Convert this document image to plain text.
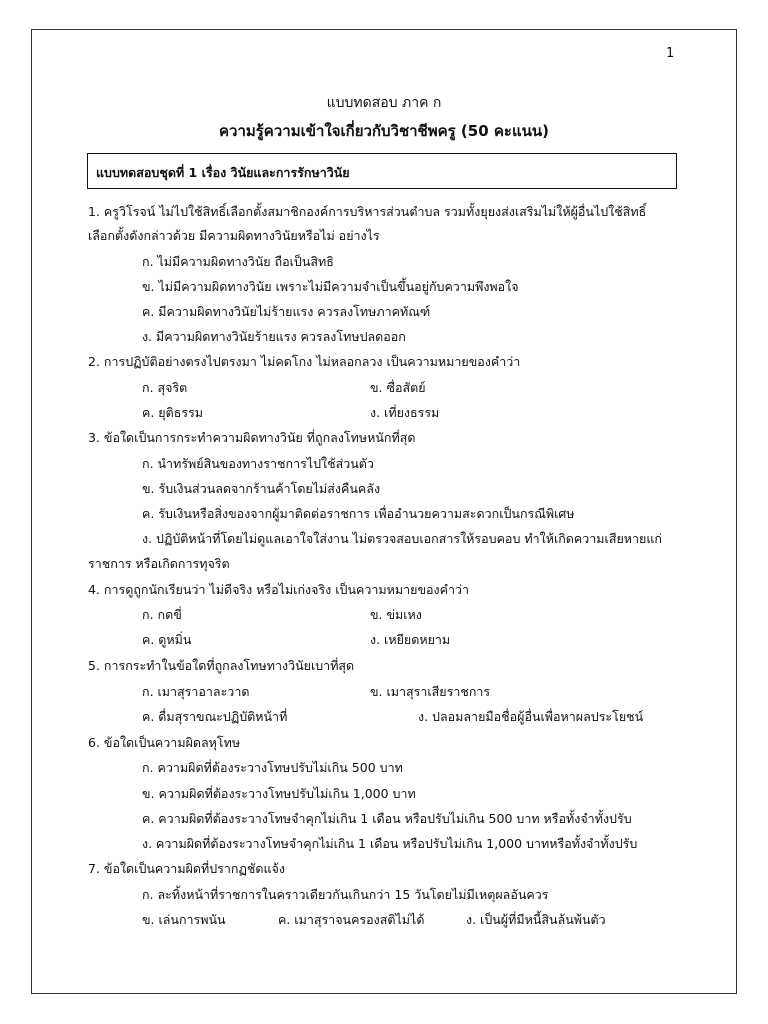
1
แบบทดสอบ ภาค ก
ความรู้ความเข้าใจเกี่ยวกับวิชาชีพครู (50 คะแนน)
แบบทดสอบชุดที่ 1 เรื่อง วินัยและการรักษาวินัย
1. ครูวิโรจน์ ไม่ไปใช้สิทธิ์เลือกตั้งสมาชิกองค์การบริหารส่วนตำบล รวมทั้งยุยงส่งเสริมไม่ให้ผู้อื่นไปใช้สิทธิ์
เลือกตั้งดังกล่าวด้วย มีความผิดทางวินัยหรือไม่ อย่างไร
ก. ไม่มีความผิดทางวินัย ถือเป็นสิทธิ
ข. ไม่มีความผิดทางวินัย เพราะไม่มีความจำเป็นขึ้นอยู่กับความพึงพอใจ
ค. มีความผิดทางวินัยไม่ร้ายแรง ควรลงโทษภาคทัณฑ์
ง. มีความผิดทางวินัยร้ายแรง ควรลงโทษปลดออก
2. การปฏิบัติอย่างตรงไปตรงมา ไม่คดโกง ไม่หลอกลวง เป็นความหมายของคำว่า
ก. สุจริต	ข. ซื่อสัตย์
ค. ยุติธรรม	ง. เที่ยงธรรม
3. ข้อใดเป็นการกระทำความผิดทางวินัย ที่ถูกลงโทษหนักที่สุด
ก. นำทรัพย์สินของทางราชการไปใช้ส่วนตัว
ข. รับเงินส่วนลดจากร้านค้าโดยไม่ส่งคืนคลัง
ค. รับเงินหรือสิ่งของจากผู้มาติดต่อราชการ เพื่ออำนวยความสะดวกเป็นกรณีพิเศษ
ง. ปฏิบัติหน้าที่โดยไม่ดูแลเอาใจใส่งาน ไม่ตรวจสอบเอกสารให้รอบคอบ ทำให้เกิดความเสียหายแก่
ราชการ หรือเกิดการทุจริต
4. การดูถูกนักเรียนว่า ไม่ดีจริง หรือไม่เก่งจริง เป็นความหมายของคำว่า
ก. กดขี่	ข. ข่มเหง
ค. ดูหมิ่น	ง. เหยียดหยาม
5. การกระทำในข้อใดที่ถูกลงโทษทางวินัยเบาที่สุด
ก. เมาสุราอาละวาด	ข. เมาสุราเสียราชการ
ค. ดื่มสุราขณะปฏิบัติหน้าที่	ง. ปลอมลายมือชื่อผู้อื่นเพื่อหาผลประโยชน์
6. ข้อใดเป็นความผิดลหุโทษ
ก. ความผิดที่ต้องระวางโทษปรับไม่เกิน 500 บาท
ข. ความผิดที่ต้องระวางโทษปรับไม่เกิน 1,000 บาท
ค. ความผิดที่ต้องระวางโทษจำคุกไม่เกิน 1 เดือน หรือปรับไม่เกิน 500 บาท หรือทั้งจำทั้งปรับ
ง. ความผิดที่ต้องระวางโทษจำคุกไม่เกิน 1 เดือน หรือปรับไม่เกิน 1,000 บาทหรือทั้งจำทั้งปรับ
7. ข้อใดเป็นความผิดที่ปรากฏชัดแจ้ง
ก. ละทิ้งหน้าที่ราชการในคราวเดียวกันเกินกว่า 15 วันโดยไม่มีเหตุผลอันควร
ข. เล่นการพนัน	ค. เมาสุราจนครองสติไม่ได้	ง. เป็นผู้ที่มีหนี้สินล้นพ้นตัว
